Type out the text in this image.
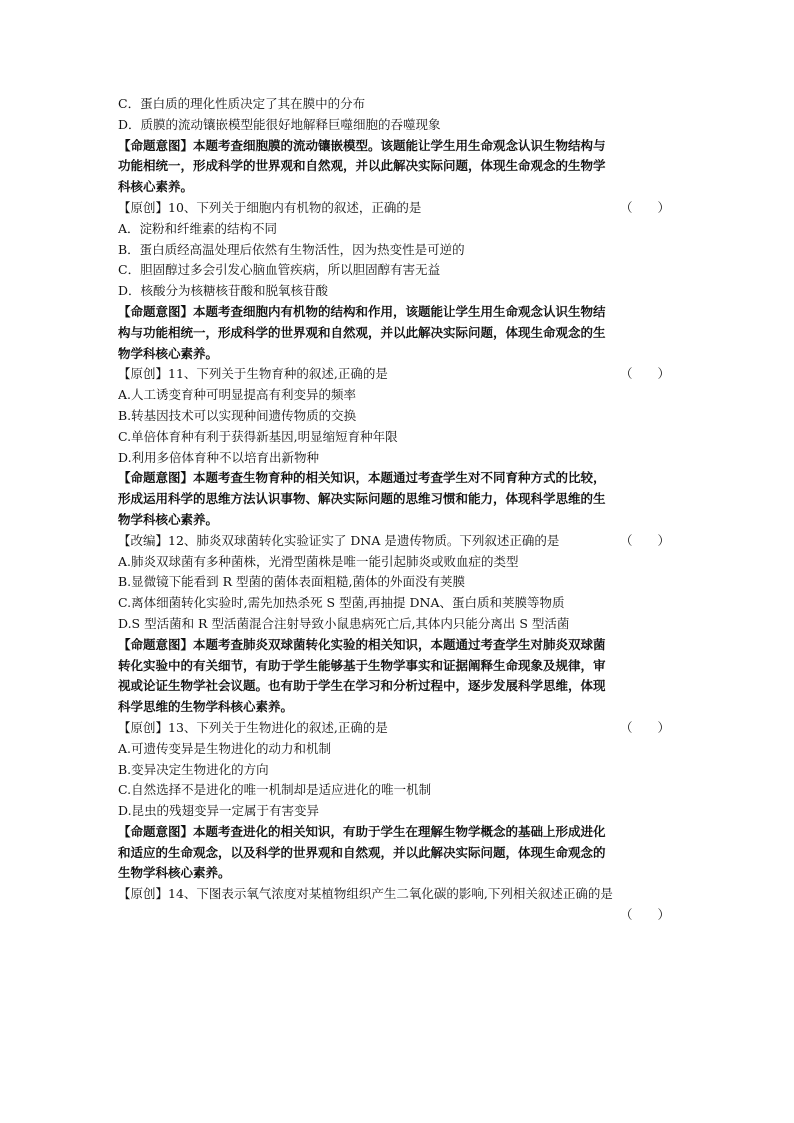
C．蛋白质的理化性质决定了其在膜中的分布
D．质膜的流动镶嵌模型能很好地解释巨噬细胞的吞噬现象
【命题意图】本题考查细胞膜的流动镶嵌模型。该题能让学生用生命观念认识生物结构与
功能相统一，形成科学的世界观和自然观，并以此解决实际问题，体现生命观念的生物学
科核心素养。
【原创】10、下列关于细胞内有机物的叙述，正确的是	（　　）
A．淀粉和纤维素的结构不同
B．蛋白质经高温处理后依然有生物活性，因为热变性是可逆的
C．胆固醇过多会引发心脑血管疾病，所以胆固醇有害无益
D．核酸分为核糖核苷酸和脱氧核苷酸
【命题意图】本题考查细胞内有机物的结构和作用，该题能让学生用生命观念认识生物结
构与功能相统一，形成科学的世界观和自然观，并以此解决实际问题，体现生命观念的生
物学科核心素养。
【原创】11、下列关于生物育种的叙述,正确的是	（　　）
A.人工诱变育种可明显提高有利变异的频率
B.转基因技术可以实现种间遗传物质的交换
C.单倍体育种有利于获得新基因,明显缩短育种年限
D.利用多倍体育种不以培育出新物种
【命题意图】本题考查生物育种的相关知识，本题通过考查学生对不同育种方式的比较，
形成运用科学的思维方法认识事物、解决实际问题的思维习惯和能力，体现科学思维的生
物学科核心素养。
【改编】12、肺炎双球菌转化实验证实了 DNA 是遗传物质。下列叙述正确的是	（　　）
A.肺炎双球菌有多种菌株，光滑型菌株是唯一能引起肺炎或败血症的类型
B.显微镜下能看到 R 型菌的菌体表面粗糙,菌体的外面没有荚膜
C.离体细菌转化实验时,需先加热杀死 S 型菌,再抽提 DNA、蛋白质和荚膜等物质
D.S 型活菌和 R 型活菌混合注射导致小鼠患病死亡后,其体内只能分离出 S 型活菌
【命题意图】本题考查肺炎双球菌转化实验的相关知识，本题通过考查学生对肺炎双球菌
转化实验中的有关细节，有助于学生能够基于生物学事实和证据阐释生命现象及规律，审
视或论证生物学社会议题。也有助于学生在学习和分析过程中，逐步发展科学思维，体现
科学思维的生物学科核心素养。
【原创】13、下列关于生物进化的叙述,正确的是	（　　）
A.可遗传变异是生物进化的动力和机制
B.变异决定生物进化的方向
C.自然选择不是进化的唯一机制却是适应进化的唯一机制
D.昆虫的残翅变异一定属于有害变异
【命题意图】本题考查进化的相关知识，有助于学生在理解生物学概念的基础上形成进化
和适应的生命观念，以及科学的世界观和自然观，并以此解决实际问题，体现生命观念的
生物学科核心素养。
【原创】14、下图表示氧气浓度对某植物组织产生二氧化碳的影响,下列相关叙述正确的是
（　　）
